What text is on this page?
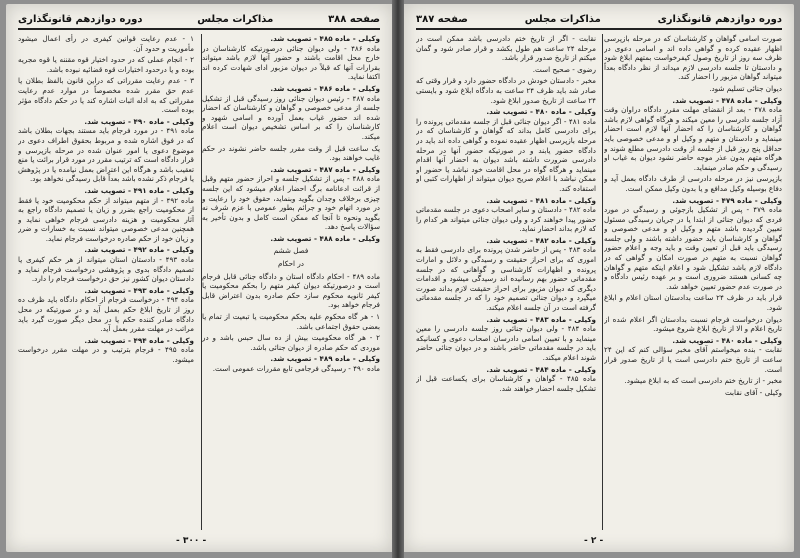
صفحه ۳۸۸
مذاکرات مجلس
دوره دوازدهم قانونگذاری
وکیلی - ماده ۴۸۵ - تصویب شد.

ماده ۴۸۶ - ولی دیوان جنائی درصورتیکه کارشناسان در خارج محل اقامت باشند و حضور آنها لازم باشد میتواند بقرارات آنها که قبلاً در دیوان مزبور ادای شهادت کرده اند اکتفا نماید.

وکیلی - ماده ۴۸۶ - تصویب شد.

ماده ۴۸۷ - رئیس دیوان جنائی روز رسیدگی قبل از تشکیل جلسه از مدعی خصوصی و گواهان و کارشناسان که احضار شده اند حضور غیاب بعمل آورده و اسامی شهود و کارشناسان را که بر اساس تشخیص دیوان است اعلام میکند.

یک ساعت قبل از وقت مقرر جلسه حاضر نشوند در حکم غایب خواهند بود.

وکیلی - ماده ۴۸۷ - تصویب شد.

ماده ۴۸۸ - پس از تشکیل جلسه و احراز حضور متهم وقبل از قرائت ادعانامه برگ احضار اعلام میشود که این جلسه چیزی برخلاف وجدان بگوید وبنماید، حقوق خود را رعایت و در مورد اتهام خود و جرائم بطور عمومی با عزم شرف نه بگوید ونحوه تا آنجا که ممکن است کامل و بدون تأخیر به سؤالات پاسخ دهد.

وکیلی - ماده ۴۸۸ - تصویب شد.
فصل ششم
در احکام

ماده ۴۸۹ - احکام دادگاه استان و دادگاه جنائی قابل فرجام است و درصورتیکه دیوان کیفر متهم را بحکم محکومیت یا کیفر ثانویه محکوم سازد حکم صادره بدون اعتراض قابل فرجام خواهد بود.

۱ - هر گاه محکوم علیه بحکم محکومیت یا تبعیت از تمام یا بعضی حقوق اجتماعی باشد.

۲ - هر گاه محکومیت بیش از ده سال حبس باشد و در موردی که حکم صادره از دیوان جنائی باشد.

وکیلی - ماده ۴۸۹ - تصویب شد.

ماده ۴۹۰ - رسیدگی فرجامی تابع مقررات عمومی است.

۱ - عدم رعایت قوانین کیفری در رأی اعمال میشود مأموریت و حدود آن.

۲ - انجام عملی که در حدود اختیار قوه مقننه یا قوه مجریه بوده و یا درحدود اختیارات قوه قضائیه نبوده باشد.

۳ - عدم رعایت مقرراتی که دراین قانون بالفظ بطلان یا عدم حق مقرر شده مخصوصاً در موارد عدم رعایت مقرراتی که به ادله اثبات اشاره کند یا در حکم دادگاه مؤثر بوده است.

وکیلی - ماده ۴۹۰ - تصویب شد.

ماده ۴۹۱ - در مورد فرجام باید مستند بجهات بطلان باشد که در فوق اشاره شده و مربوط بحقوق اطراف دعوی در موضوع دعوی یا امور عنوان شده در مرحله بازپرسی و قرار دادگاه است که ترتیب مقرر در مورد قرار برائت یا منع تعقیب باشد و هرگاه این اعتراض بعمل نیامده یا در پژوهش یا فرجام ذکر نشده باشد بعداً قابل رسیدگی نخواهد بود.

وکیلی - ماده ۴۹۱ - تصویب شد.

ماده ۴۹۲ - از متهم میتواند از حکم محکومیت خود یا فقط از محکومیت راجع بضرر و زیان یا تصمیم دادگاه راجع به آثار محکومیت و هزینه دادرسی فرجام خواهی نماید و همچنین مدعی خصوصی میتواند نسبت به خسارات و ضرر و زیان خود از حکم صادره درخواست فرجام نماید.

وکیلی - ماده ۴۹۲ - تصویب شد.

ماده ۴۹۳ - دادستان استان میتواند از هر حکم کیفری یا تصمیم دادگاه بدوی و پژوهشی درخواست فرجام نماید و دادستان دیوان کشور نیز حق درخواست فرجام را دارد.

وکیلی - ماده ۴۹۳ - تصویب شد.

ماده ۴۹۴ - درخواست فرجام از احکام دادگاه باید ظرف ده روز از تاریخ ابلاغ حکم بعمل آید و در صورتیکه در محل دادگاه صادر کننده حکم یا در محل دیگر صورت گیرد باید مراتب در مهلت مقرر بعمل آید.

وکیلی - ماده ۴۹۴ - تصویب شد.

ماده ۴۹۵ - فرجام بترتیب و در مهلت مقرر درخواست میشود.

- ۳۰۰ -
دوره دوازدهم قانونگذاری
مذاکرات مجلس
صفحه ۳۸۷

صورت اسامی گواهان و کارشناسان که در مرحله بازپرسی اظهار عقیده کرده و گواهی داده اند و اسامی دعوی در ظرف سه روز از تاریخ وصول کیفرخواست بمتهم ابلاغ شود و دادستان تا جلسه دادرسی لازم میداند از نظر دادگاه بعداً میتواند گواهان مزبور را احضار کند.

دیوان جنائی تسلیم شود.

وکیلی - ماده ۴۷۸ - تصویب شد.

ماده ۴۷۸ - بعد از انقضای مهلت مقرر دادگاه دراوان وقت آزاد جلسه دادرسی را معین میکند و هرگاه گواهی لازم باشد گواهان و کارشناسان را که احضار آنها لازم است احضار مینماید و دادستان و متهم و وکیل او و مدعی خصوصی باید حداقل پنج روز قبل از جلسه از وقت دادرسی مطلع شوند و هرگاه متهم بدون عذر موجه حاضر نشود دیوان به غیاب او رسیدگی و حکم صادر مینماید.

بازپرسی نیز در مرحله دادرسی از طرف دادگاه بعمل آید و دفاع بوسیله وکیل مدافع و یا بدون وکیل ممکن است.

وکیلی - ماده ۴۷۹ - تصویب شد.

ماده ۴۷۹ - پس از تشکیل بازجوئی و رسیدگی در مورد فردی که دیوان جنائی از ابتدا یا در جریان رسیدگی مسئول تعیین گردیده باشد متهم و وکیل او و مدعی خصوصی و گواهان و کارشناسان باید حضور داشته باشند و ولی جلسه رسیدگی باید قبل از تعیین وقت و باید وجه و اعلام حضور گواهان نسبت به متهم در صورت امکان و گواهی که در دادگاه لازم باشد تشکیل شود و اعلام اینکه متهم و گواهان چه کسانی هستند ضروری است و بر عهده رئیس دادگاه و در صورت عدم حضور تعیین خواهد شد.

قرار باید در ظرف ۲۴ ساعت بدادستان استان اعلام و ابلاغ شود.

دیوان درخواست فرجام نسبت بدادستان اگر اعلام شده از تاریخ اعلام و الا از تاریخ ابلاغ شروع میشود.

وکیلی - ماده ۴۸۰ - تصویب شد.

نقابت - بنده میخواستم آقای مخبر سؤالی کنم که این ۲۴ ساعت از تاریخ ختم دادرسی است یا از تاریخ صدور قرار است.

مخبر - از تاریخ ختم دادرسی است که به ابلاغ میشود.

وکیلی - آقای نقابت

نقابت - اگر از تاریخ ختم دادرسی باشد ممکن است در مرحله ۲۴ ساعت هم طول بکشد و قرار صادر شود و گمان میکنم از تاریخ صدور قرار باشد.

رضوی - صحیح است.

مخبر - دادستان خودش در دادگاه حضور دارد و قرار وقتی که صادر شد باید ظرف ۲۴ ساعت به دادگاه ابلاغ شود و بایستی ۲۴ ساعت از تاریخ صدور ابلاغ شود.

وکیلی - ماده ۴۸۰ - تصویب شد.

ماده ۴۸۱ - اگر دیوان جنائی قبل از جلسه مقدماتی پرونده را برای دادرسی کامل بداند که گواهان و کارشناسان که در مرحله بازپرسی اظهار عقیده نموده و گواهی داده اند باید در دادگاه حضور یابند و در صورتیکه حضور آنها در مرحله دادرسی ضرورت داشته باشد دیوان به احضار آنها اقدام مینماید و هرگاه گواه در محل اقامت خود نباشد یا حضور او ممکن نباشد با اعلام صریح دیوان میتواند از اظهارات کتبی او استفاده کند.

وکیلی - ماده ۴۸۱ - تصویب شد.

ماده ۴۸۲ - دادستان و سایر اصحاب دعوی در جلسه مقدماتی حضور پیدا خواهند کرد و ولی دیوان جنائی میتواند هر کدام را که لازم بداند احضار نماید.

وکیلی - ماده ۴۸۲ - تصویب شد.

ماده ۴۸۳ - پس از حاضر شدن پرونده برای دادرسی فقط به اموری که برای احراز حقیقت و رسیدگی و دلائل و امارات پرونده و اظهارات کارشناسی و گواهانی که در جلسه مقدماتی حضور بهم رسانیده اند رسیدگی میشود و اقدامات دیگری که دیوان مزبور برای احراز حقیقت لازم بداند صورت میگیرد و دیوان جنائی تصمیم خود را که در جلسه مقدماتی گرفته است در آن جلسه اعلام میکند.

وکیلی - ماده ۴۸۳ - تصویب شد.

ماده ۴۸۴ - ولی دیوان جنائی روز جلسه دادرسی را معین مینماید و با تعیین اسامی دادرسان اصحاب دعوی و کسانیکه باید در جلسه مقدماتی حاضر باشند و در دیوان جنائی حاضر شوند اعلام میکند.

وکیلی - ماده ۴۸۴ - تصویب شد.

ماده ۴۸۵ - گواهان و کارشناسان برای یکساعت قبل از تشکیل جلسه احضار خواهند شد.

- ۲ -
